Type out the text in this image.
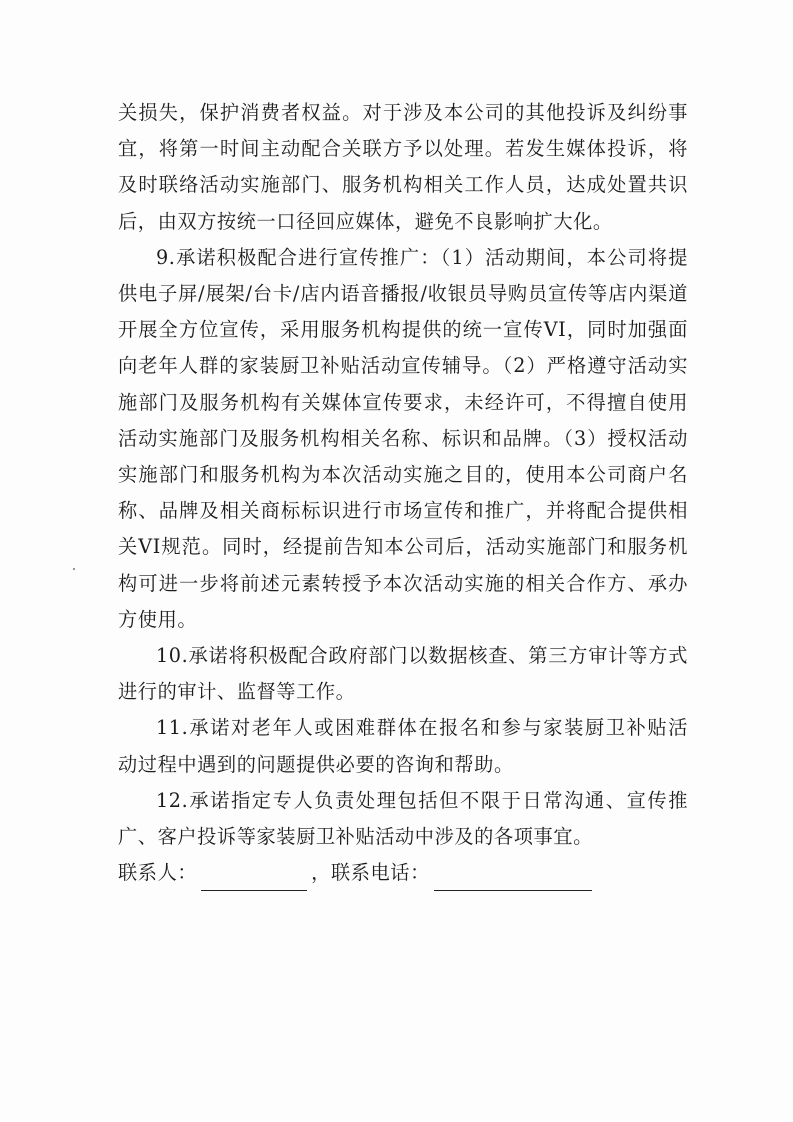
关损失，保护消费者权益。对于涉及本公司的其他投诉及纠纷事宜，将第一时间主动配合关联方予以处理。若发生媒体投诉，将及时联络活动实施部门、服务机构相关工作人员，达成处置共识后，由双方按统一口径回应媒体，避免不良影响扩大化。

9.承诺积极配合进行宣传推广：（1）活动期间，本公司将提供电子屏/展架/台卡/店内语音播报/收银员导购员宣传等店内渠道开展全方位宣传，采用服务机构提供的统一宣传VI，同时加强面向老年人群的家装厨卫补贴活动宣传辅导。（2）严格遵守活动实施部门及服务机构有关媒体宣传要求，未经许可，不得擅自使用活动实施部门及服务机构相关名称、标识和品牌。（3）授权活动实施部门和服务机构为本次活动实施之目的，使用本公司商户名称、品牌及相关商标标识进行市场宣传和推广，并将配合提供相关VI规范。同时，经提前告知本公司后，活动实施部门和服务机构可进一步将前述元素转授予本次活动实施的相关合作方、承办方使用。

10.承诺将积极配合政府部门以数据核查、第三方审计等方式进行的审计、监督等工作。

11.承诺对老年人或困难群体在报名和参与家装厨卫补贴活 动过程中遇到的问题提供必要的咨询和帮助。

12.承诺指定专人负责处理包括但不限于日常沟通、宣传推广、客户投诉等家装厨卫补贴活动中涉及的各项事宜。

联系人：	，联系电话：
